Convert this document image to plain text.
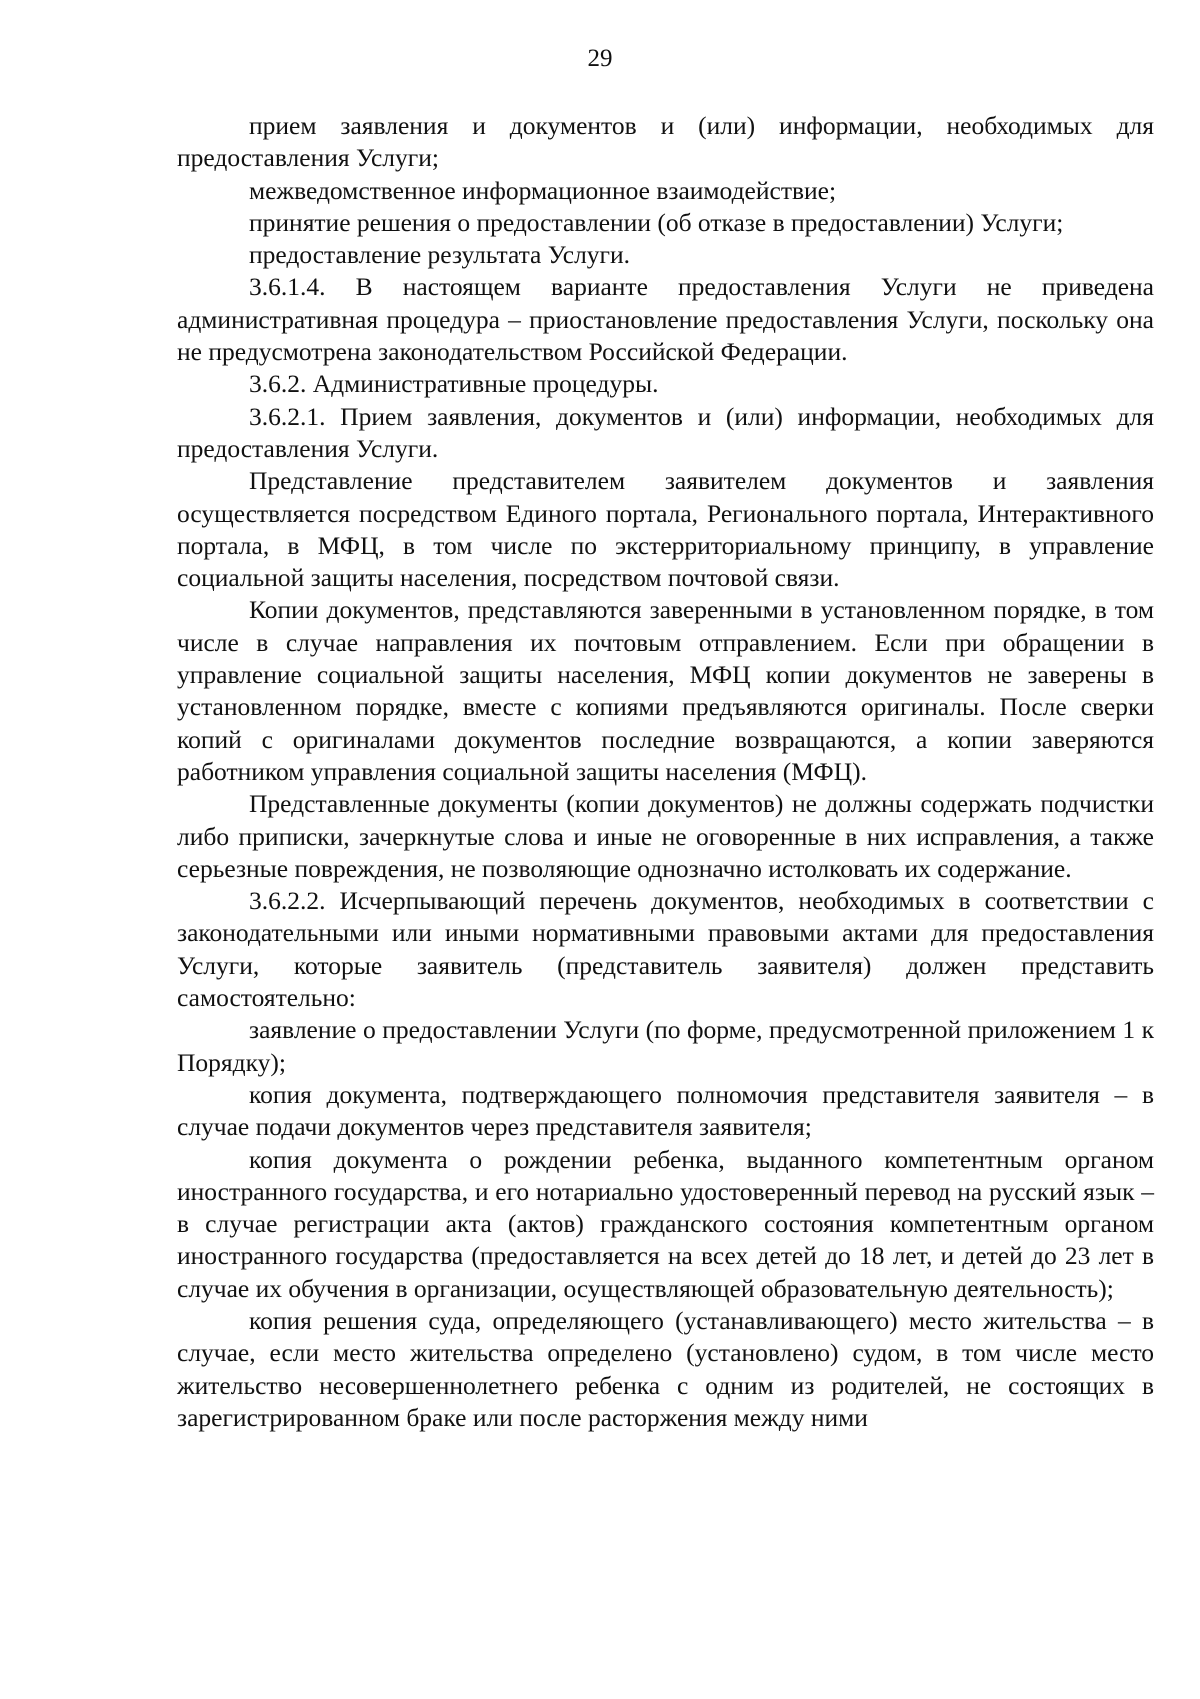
29

прием заявления и документов и (или) информации, необходимых для предоставления Услуги;

межведомственное информационное взаимодействие;

принятие решения о предоставлении (об отказе в предоставлении) Услуги;

предоставление результата Услуги.

3.6.1.4. В настоящем варианте предоставления Услуги не приведена административная процедура – приостановление предоставления Услуги, поскольку она не предусмотрена законодательством Российской Федерации.

3.6.2. Административные процедуры.

3.6.2.1. Прием заявления, документов и (или) информации, необходимых для предоставления Услуги.

Представление представителем заявителем документов и заявления осуществляется посредством Единого портала, Регионального портала, Интерактивного портала, в МФЦ, в том числе по экстерриториальному принципу, в управление социальной защиты населения, посредством почтовой связи.

Копии документов, представляются заверенными в установленном порядке, в том числе в случае направления их почтовым отправлением. Если при обращении в управление социальной защиты населения, МФЦ копии документов не заверены в установленном порядке, вместе с копиями предъявляются оригиналы. После сверки копий с оригиналами документов последние возвращаются, а копии заверяются работником управления социальной защиты населения (МФЦ).

Представленные документы (копии документов) не должны содержать подчистки либо приписки, зачеркнутые слова и иные не оговоренные в них исправления, а также серьезные повреждения, не позволяющие однозначно истолковать их содержание.

3.6.2.2. Исчерпывающий перечень документов, необходимых в соответствии с законодательными или иными нормативными правовыми актами для предоставления Услуги, которые заявитель (представитель заявителя) должен представить самостоятельно:

заявление о предоставлении Услуги (по форме, предусмотренной приложением 1 к Порядку);

копия документа, подтверждающего полномочия представителя заявителя – в случае подачи документов через представителя заявителя;

копия документа о рождении ребенка, выданного компетентным органом иностранного государства, и его нотариально удостоверенный перевод на русский язык – в случае регистрации акта (актов) гражданского состояния компетентным органом иностранного государства (предоставляется на всех детей до 18 лет, и детей до 23 лет в случае их обучения в организации, осуществляющей образовательную деятельность);

копия решения суда, определяющего (устанавливающего) место жительства – в случае, если место жительства определено (установлено) судом, в том числе место жительство несовершеннолетнего ребенка с одним из родителей, не состоящих в зарегистрированном браке или после расторжения между ними
